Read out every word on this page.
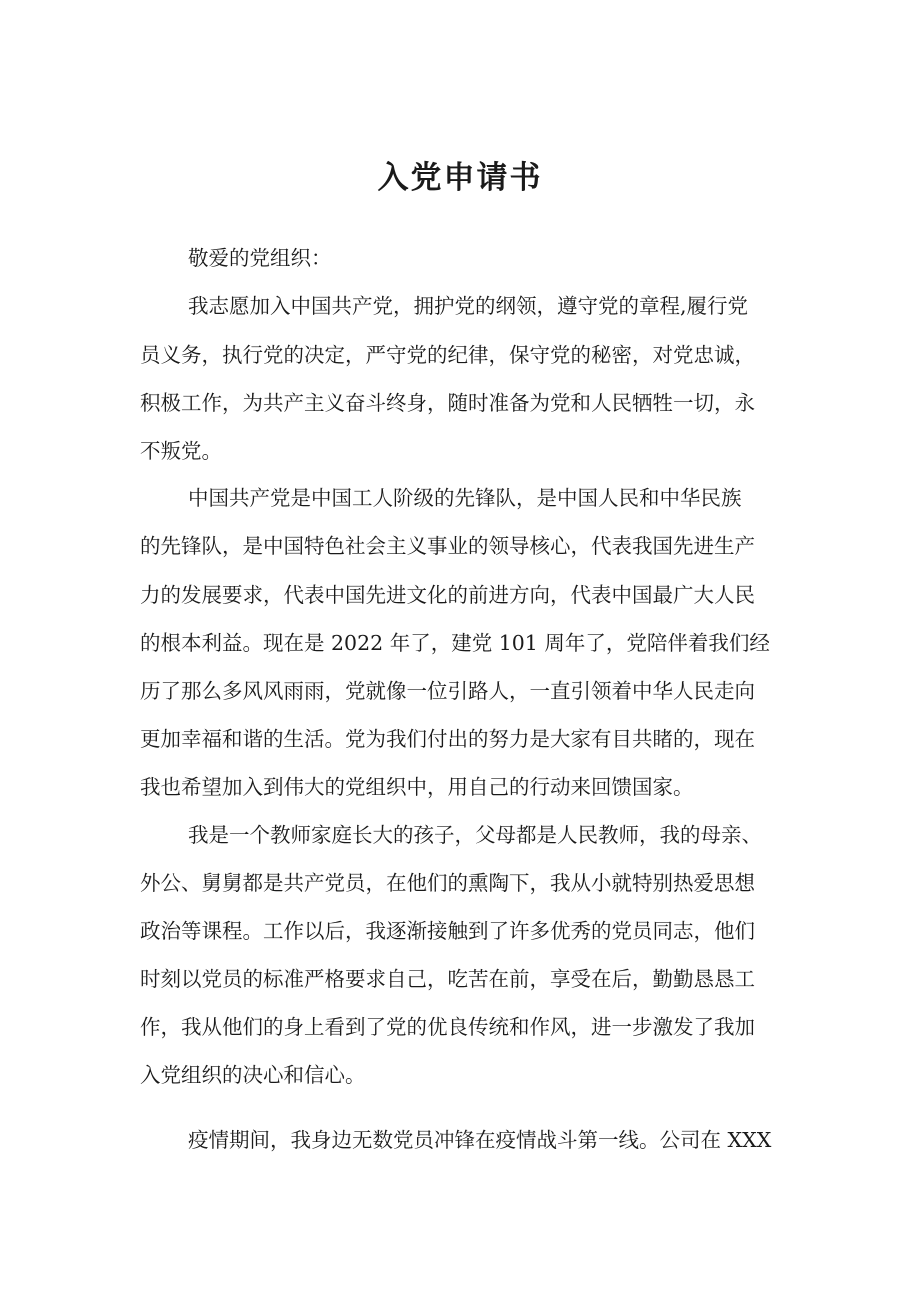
入党申请书

敬爱的党组织：

我志愿加入中国共产党，拥护党的纲领，遵守党的章程,履行党

员义务，执行党的决定，严守党的纪律，保守党的秘密，对党忠诚，

积极工作，为共产主义奋斗终身，随时准备为党和人民牺牲一切，永

不叛党。

中国共产党是中国工人阶级的先锋队，是中国人民和中华民族

的先锋队，是中国特色社会主义事业的领导核心，代表我国先进生产

力的发展要求，代表中国先进文化的前进方向，代表中国最广大人民

的根本利益。现在是 2022 年了，建党 101 周年了，党陪伴着我们经

历了那么多风风雨雨，党就像一位引路人，一直引领着中华人民走向

更加幸福和谐的生活。党为我们付出的努力是大家有目共睹的，现在

我也希望加入到伟大的党组织中，用自己的行动来回馈国家。

我是一个教师家庭长大的孩子，父母都是人民教师，我的母亲、

外公、舅舅都是共产党员，在他们的熏陶下，我从小就特别热爱思想

政治等课程。工作以后，我逐渐接触到了许多优秀的党员同志，他们

时刻以党员的标准严格要求自己，吃苦在前，享受在后，勤勤恳恳工

作，我从他们的身上看到了党的优良传统和作风，进一步激发了我加

入党组织的决心和信心。

疫情期间，我身边无数党员冲锋在疫情战斗第一线。公司在 XXX
